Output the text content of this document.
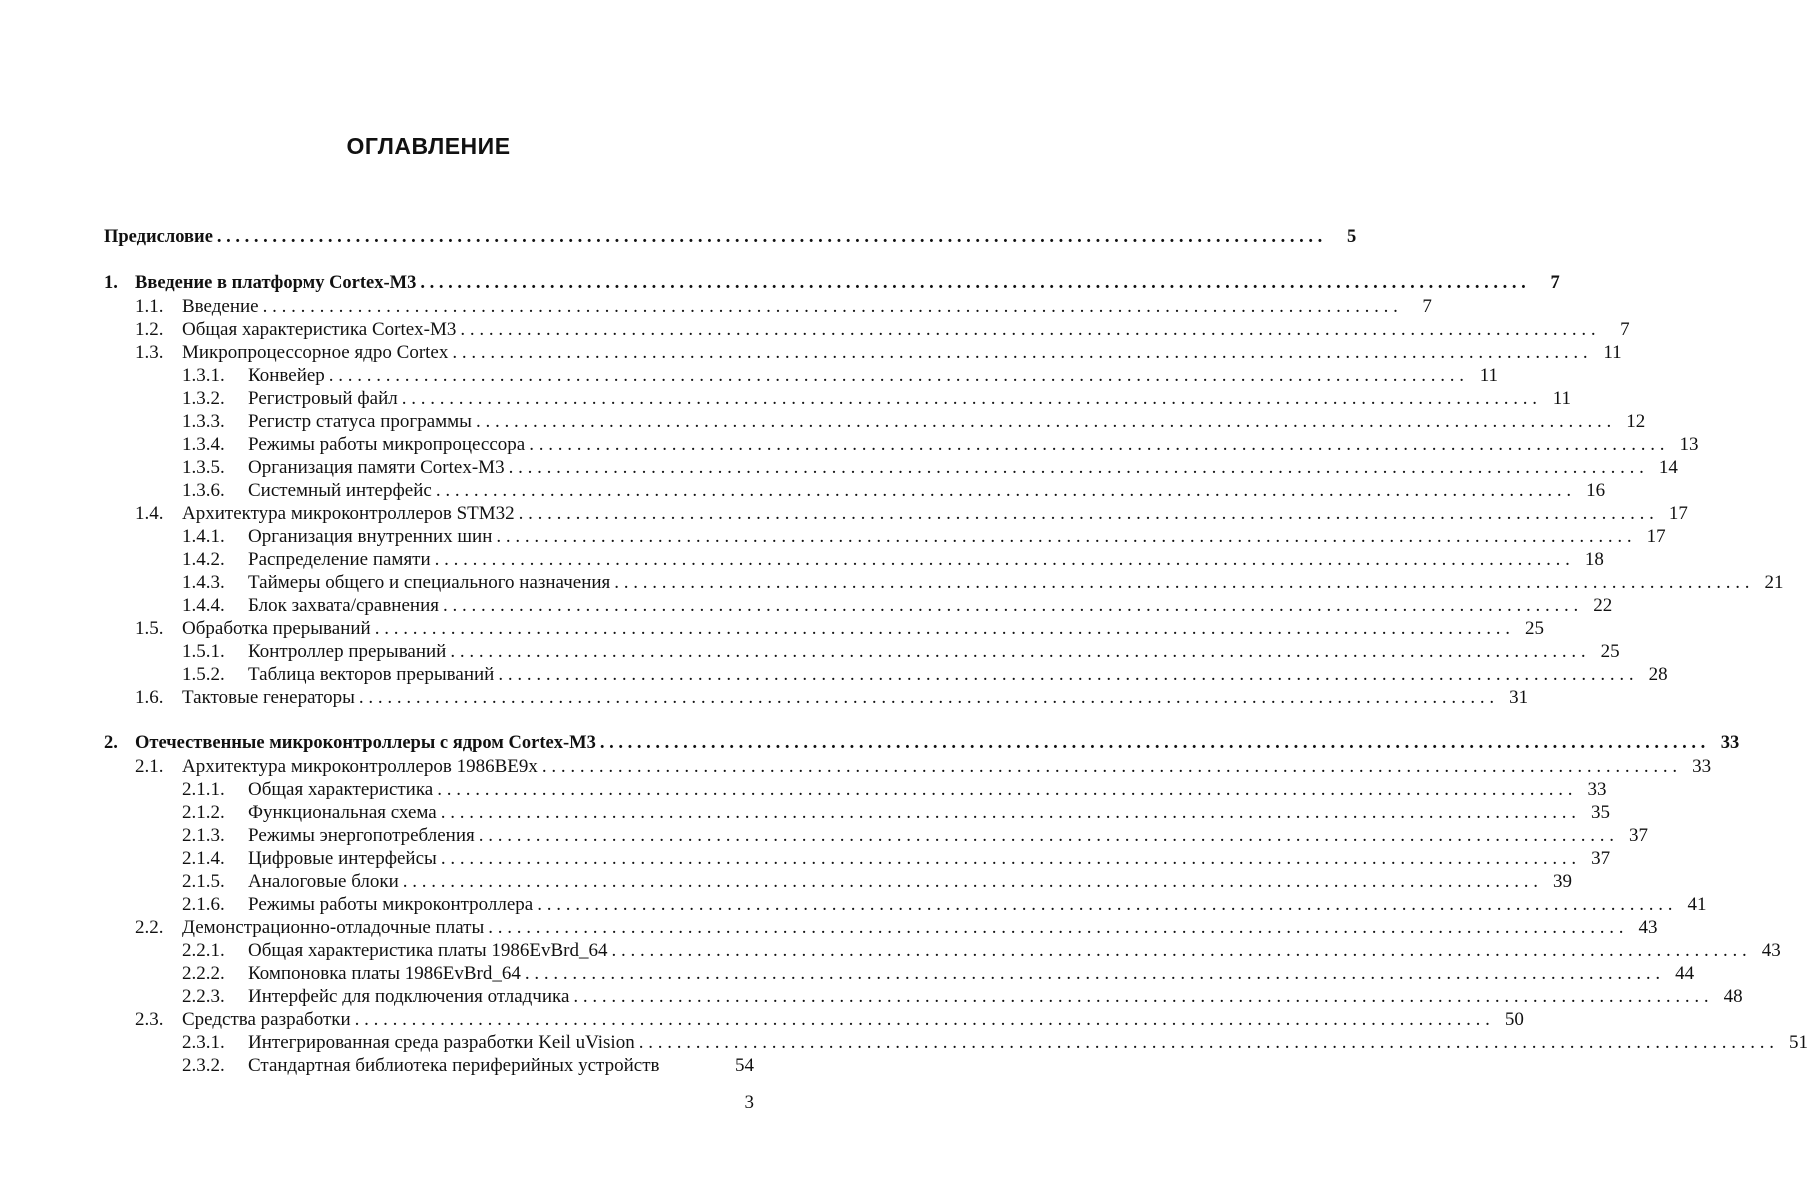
ОГЛАВЛЕНИЕ
Предисловие . . . . . . . . . . . . . . . . . . . . . . . . . . . . . . . . . . . . . . . . . . . . . . . . . . . . . . . . . . . . . . . . . . . . . . . . . . . . . . . . . . . . . . . . . . . . . . . . . . . . . . . . . . . . . . . . . . . . . . . .	5
1. Введение в платформу Cortex-M3 . . . . . . . . . . . . . . . . . . . . . . . . . . . . . . . . . . . . . . . . . . . . . . . . . . . . . . . . . . . . . . . . . . . . . . . . . . . . . . . . . . . . . . . . . . . . . . . . . . . . . . . . . . . . . . . . . . . . . . . .	7
1.1. Введение . . . . . . . . . . . . . . . . . . . . . . . . . . . . . . . . . . . . . . . . . . . . . . . . . . . . . . . . . . . . . . . . . . . . . . . . . . . . . . . . . . . . . . . . . . . . . . . . . . . . . . . . . . . . . . . . . . . . . . . .	7
1.2. Общая характеристика Cortex-M3 . . . . . . . . . . . . . . . . . . . . . . . . . . . . . . . . . . . . . . . . . . . . . . . . . . . . . . . . . . . . . . . . . . . . . . . . . . . . . . . . . . . . . . . . . . . . . . . . . . . . . . . . . . . . . . . . . . . . . . . .	7
1.3. Микропроцессорное ядро Cortex . . . . . . . . . . . . . . . . . . . . . . . . . . . . . . . . . . . . . . . . . . . . . . . . . . . . . . . . . . . . . . . . . . . . . . . . . . . . . . . . . . . . . . . . . . . . . . . . . . . . . . . . . . . . . . . . . . . . . . . . 11
1.3.1. Конвейер . . . . . . . . . . . . . . . . . . . . . . . . . . . . . . . . . . . . . . . . . . . . . . . . . . . . . . . . . . . . . . . . . . . . . . . . . . . . . . . . . . . . . . . . . . . . . . . . . . . . . . . . . . . . . . . . . . . . . . . . 11
1.3.2. Регистровый файл . . . . . . . . . . . . . . . . . . . . . . . . . . . . . . . . . . . . . . . . . . . . . . . . . . . . . . . . . . . . . . . . . . . . . . . . . . . . . . . . . . . . . . . . . . . . . . . . . . . . . . . . . . . . . . . . . . . . . . . . 11
1.3.3. Регистр статуса программы . . . . . . . . . . . . . . . . . . . . . . . . . . . . . . . . . . . . . . . . . . . . . . . . . . . . . . . . . . . . . . . . . . . . . . . . . . . . . . . . . . . . . . . . . . . . . . . . . . . . . . . . . . . . . . . . . . . . . . . . 12
1.3.4. Режимы работы микропроцессора . . . . . . . . . . . . . . . . . . . . . . . . . . . . . . . . . . . . . . . . . . . . . . . . . . . . . . . . . . . . . . . . . . . . . . . . . . . . . . . . . . . . . . . . . . . . . . . . . . . . . . . . . . . . . . . . . . . . . . . . 13
1.3.5. Организация памяти Cortex-M3 . . . . . . . . . . . . . . . . . . . . . . . . . . . . . . . . . . . . . . . . . . . . . . . . . . . . . . . . . . . . . . . . . . . . . . . . . . . . . . . . . . . . . . . . . . . . . . . . . . . . . . . . . . . . . . . . . . . . . . . . 14
1.3.6. Системный интерфейс . . . . . . . . . . . . . . . . . . . . . . . . . . . . . . . . . . . . . . . . . . . . . . . . . . . . . . . . . . . . . . . . . . . . . . . . . . . . . . . . . . . . . . . . . . . . . . . . . . . . . . . . . . . . . . . . . . . . . . . . 16
1.4. Архитектура микроконтроллеров STM32 . . . . . . . . . . . . . . . . . . . . . . . . . . . . . . . . . . . . . . . . . . . . . . . . . . . . . . . . . . . . . . . . . . . . . . . . . . . . . . . . . . . . . . . . . . . . . . . . . . . . . . . . . . . . . . . . . . . . . . . . 17
1.4.1. Организация внутренних шин . . . . . . . . . . . . . . . . . . . . . . . . . . . . . . . . . . . . . . . . . . . . . . . . . . . . . . . . . . . . . . . . . . . . . . . . . . . . . . . . . . . . . . . . . . . . . . . . . . . . . . . . . . . . . . . . . . . . . . . . 17
1.4.2. Распределение памяти . . . . . . . . . . . . . . . . . . . . . . . . . . . . . . . . . . . . . . . . . . . . . . . . . . . . . . . . . . . . . . . . . . . . . . . . . . . . . . . . . . . . . . . . . . . . . . . . . . . . . . . . . . . . . . . . . . . . . . . . 18
1.4.3. Таймеры общего и специального назначения . . . . . . . . . . . . . . . . . . . . . . . . . . . . . . . . . . . . . . . . . . . . . . . . . . . . . . . . . . . . . . . . . . . . . . . . . . . . . . . . . . . . . . . . . . . . . . . . . . . . . . . . . . . . . . . . . . . . . . . . 21
1.4.4. Блок захвата/сравнения . . . . . . . . . . . . . . . . . . . . . . . . . . . . . . . . . . . . . . . . . . . . . . . . . . . . . . . . . . . . . . . . . . . . . . . . . . . . . . . . . . . . . . . . . . . . . . . . . . . . . . . . . . . . . . . . . . . . . . . . 22
1.5. Обработка прерываний . . . . . . . . . . . . . . . . . . . . . . . . . . . . . . . . . . . . . . . . . . . . . . . . . . . . . . . . . . . . . . . . . . . . . . . . . . . . . . . . . . . . . . . . . . . . . . . . . . . . . . . . . . . . . . . . . . . . . . . . 25
1.5.1. Контроллер прерываний . . . . . . . . . . . . . . . . . . . . . . . . . . . . . . . . . . . . . . . . . . . . . . . . . . . . . . . . . . . . . . . . . . . . . . . . . . . . . . . . . . . . . . . . . . . . . . . . . . . . . . . . . . . . . . . . . . . . . . . . 25
1.5.2. Таблица векторов прерываний . . . . . . . . . . . . . . . . . . . . . . . . . . . . . . . . . . . . . . . . . . . . . . . . . . . . . . . . . . . . . . . . . . . . . . . . . . . . . . . . . . . . . . . . . . . . . . . . . . . . . . . . . . . . . . . . . . . . . . . . 28
1.6. Тактовые генераторы . . . . . . . . . . . . . . . . . . . . . . . . . . . . . . . . . . . . . . . . . . . . . . . . . . . . . . . . . . . . . . . . . . . . . . . . . . . . . . . . . . . . . . . . . . . . . . . . . . . . . . . . . . . . . . . . . . . . . . . . 31
2. Отечественные микроконтроллеры с ядром Cortex-M3 . . . . . . . . . . . . . . . . . . . . . . . . . . . . . . . . . . . . . . . . . . . . . . . . . . . . . . . . . . . . . . . . . . . . . . . . . . . . . . . . . . . . . . . . . . . . . . . . . . . . . . . . . . . . . . . . . . . . . . . . 33
2.1. Архитектура микроконтроллеров 1986ВЕ9х . . . . . . . . . . . . . . . . . . . . . . . . . . . . . . . . . . . . . . . . . . . . . . . . . . . . . . . . . . . . . . . . . . . . . . . . . . . . . . . . . . . . . . . . . . . . . . . . . . . . . . . . . . . . . . . . . . . . . . . . 33
2.1.1. Общая характеристика . . . . . . . . . . . . . . . . . . . . . . . . . . . . . . . . . . . . . . . . . . . . . . . . . . . . . . . . . . . . . . . . . . . . . . . . . . . . . . . . . . . . . . . . . . . . . . . . . . . . . . . . . . . . . . . . . . . . . . . . 33
2.1.2. Функциональная схема . . . . . . . . . . . . . . . . . . . . . . . . . . . . . . . . . . . . . . . . . . . . . . . . . . . . . . . . . . . . . . . . . . . . . . . . . . . . . . . . . . . . . . . . . . . . . . . . . . . . . . . . . . . . . . . . . . . . . . . . 35
2.1.3. Режимы энергопотребления . . . . . . . . . . . . . . . . . . . . . . . . . . . . . . . . . . . . . . . . . . . . . . . . . . . . . . . . . . . . . . . . . . . . . . . . . . . . . . . . . . . . . . . . . . . . . . . . . . . . . . . . . . . . . . . . . . . . . . . . 37
2.1.4. Цифровые интерфейсы . . . . . . . . . . . . . . . . . . . . . . . . . . . . . . . . . . . . . . . . . . . . . . . . . . . . . . . . . . . . . . . . . . . . . . . . . . . . . . . . . . . . . . . . . . . . . . . . . . . . . . . . . . . . . . . . . . . . . . . . 37
2.1.5. Аналоговые блоки . . . . . . . . . . . . . . . . . . . . . . . . . . . . . . . . . . . . . . . . . . . . . . . . . . . . . . . . . . . . . . . . . . . . . . . . . . . . . . . . . . . . . . . . . . . . . . . . . . . . . . . . . . . . . . . . . . . . . . . . 39
2.1.6. Режимы работы микроконтроллера . . . . . . . . . . . . . . . . . . . . . . . . . . . . . . . . . . . . . . . . . . . . . . . . . . . . . . . . . . . . . . . . . . . . . . . . . . . . . . . . . . . . . . . . . . . . . . . . . . . . . . . . . . . . . . . . . . . . . . . . 41
2.2. Демонстрационно-отладочные платы . . . . . . . . . . . . . . . . . . . . . . . . . . . . . . . . . . . . . . . . . . . . . . . . . . . . . . . . . . . . . . . . . . . . . . . . . . . . . . . . . . . . . . . . . . . . . . . . . . . . . . . . . . . . . . . . . . . . . . . . 43
2.2.1. Общая характеристика платы 1986EvBrd_64 . . . . . . . . . . . . . . . . . . . . . . . . . . . . . . . . . . . . . . . . . . . . . . . . . . . . . . . . . . . . . . . . . . . . . . . . . . . . . . . . . . . . . . . . . . . . . . . . . . . . . . . . . . . . . . . . . . . . . . . . 43
2.2.2. Компоновка платы 1986EvBrd_64 . . . . . . . . . . . . . . . . . . . . . . . . . . . . . . . . . . . . . . . . . . . . . . . . . . . . . . . . . . . . . . . . . . . . . . . . . . . . . . . . . . . . . . . . . . . . . . . . . . . . . . . . . . . . . . . . . . . . . . . . 44
2.2.3. Интерфейс для подключения отладчика . . . . . . . . . . . . . . . . . . . . . . . . . . . . . . . . . . . . . . . . . . . . . . . . . . . . . . . . . . . . . . . . . . . . . . . . . . . . . . . . . . . . . . . . . . . . . . . . . . . . . . . . . . . . . . . . . . . . . . . . 48
2.3. Средства разработки . . . . . . . . . . . . . . . . . . . . . . . . . . . . . . . . . . . . . . . . . . . . . . . . . . . . . . . . . . . . . . . . . . . . . . . . . . . . . . . . . . . . . . . . . . . . . . . . . . . . . . . . . . . . . . . . . . . . . . . . 50
2.3.1. Интегрированная среда разработки Keil uVision . . . . . . . . . . . . . . . . . . . . . . . . . . . . . . . . . . . . . . . . . . . . . . . . . . . . . . . . . . . . . . . . . . . . . . . . . . . . . . . . . . . . . . . . . . . . . . . . . . . . . . . . . . . . . . . . . . . . . . . . 51
2.3.2. Стандартная библиотека периферийных устройств	54
3
